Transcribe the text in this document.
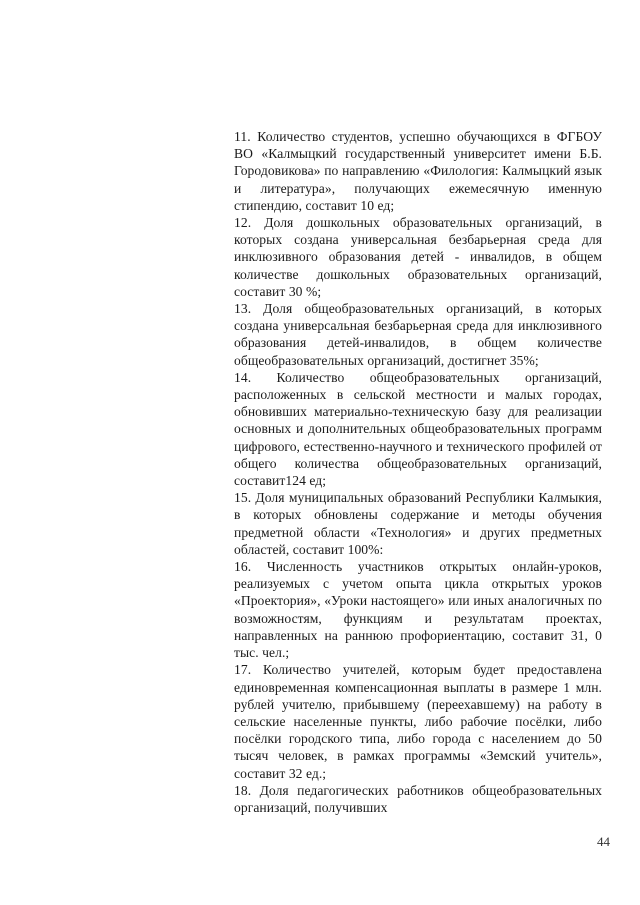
11. Количество студентов, успешно обучающихся в ФГБОУ ВО «Калмыцкий государственный университет имени Б.Б. Городовикова» по направлению «Филология: Калмыцкий язык и литература», получающих ежемесячную именную стипендию, составит 10 ед;

12. Доля дошкольных образовательных организаций, в которых создана универсальная безбарьерная среда для инклюзивного образования детей - инвалидов, в общем количестве дошкольных образовательных организаций, составит 30 %;

13. Доля общеобразовательных организаций, в которых создана универсальная безбарьерная среда для инклюзивного образования детей-инвалидов, в общем количестве общеобразовательных организаций, достигнет 35%;

14. Количество общеобразовательных организаций, расположенных в сельской местности и малых городах, обновивших материально-техническую базу для реализации основных и дополнительных общеобразовательных программ цифрового, естественно-научного и технического профилей от общего количества общеобразовательных организаций, составит124 ед;

15. Доля муниципальных образований Республики Калмыкия, в которых обновлены содержание и методы обучения предметной области «Технология» и других предметных областей, составит 100%:

16. Численность участников открытых онлайн-уроков, реализуемых с учетом опыта цикла открытых уроков «Проектория», «Уроки настоящего» или иных аналогичных по возможностям, функциям и результатам проектах, направленных на раннюю профориентацию, составит 31, 0 тыс. чел.;

17. Количество учителей, которым будет предоставлена единовременная компенсационная выплаты в размере 1 млн. рублей учителю, прибывшему (переехавшему) на работу в сельские населенные пункты, либо рабочие посёлки, либо посёлки городского типа, либо города с населением до 50 тысяч человек, в рамках программы «Земский учитель», составит 32 ед.;

18. Доля педагогических работников общеобразовательных организаций, получивших

44
